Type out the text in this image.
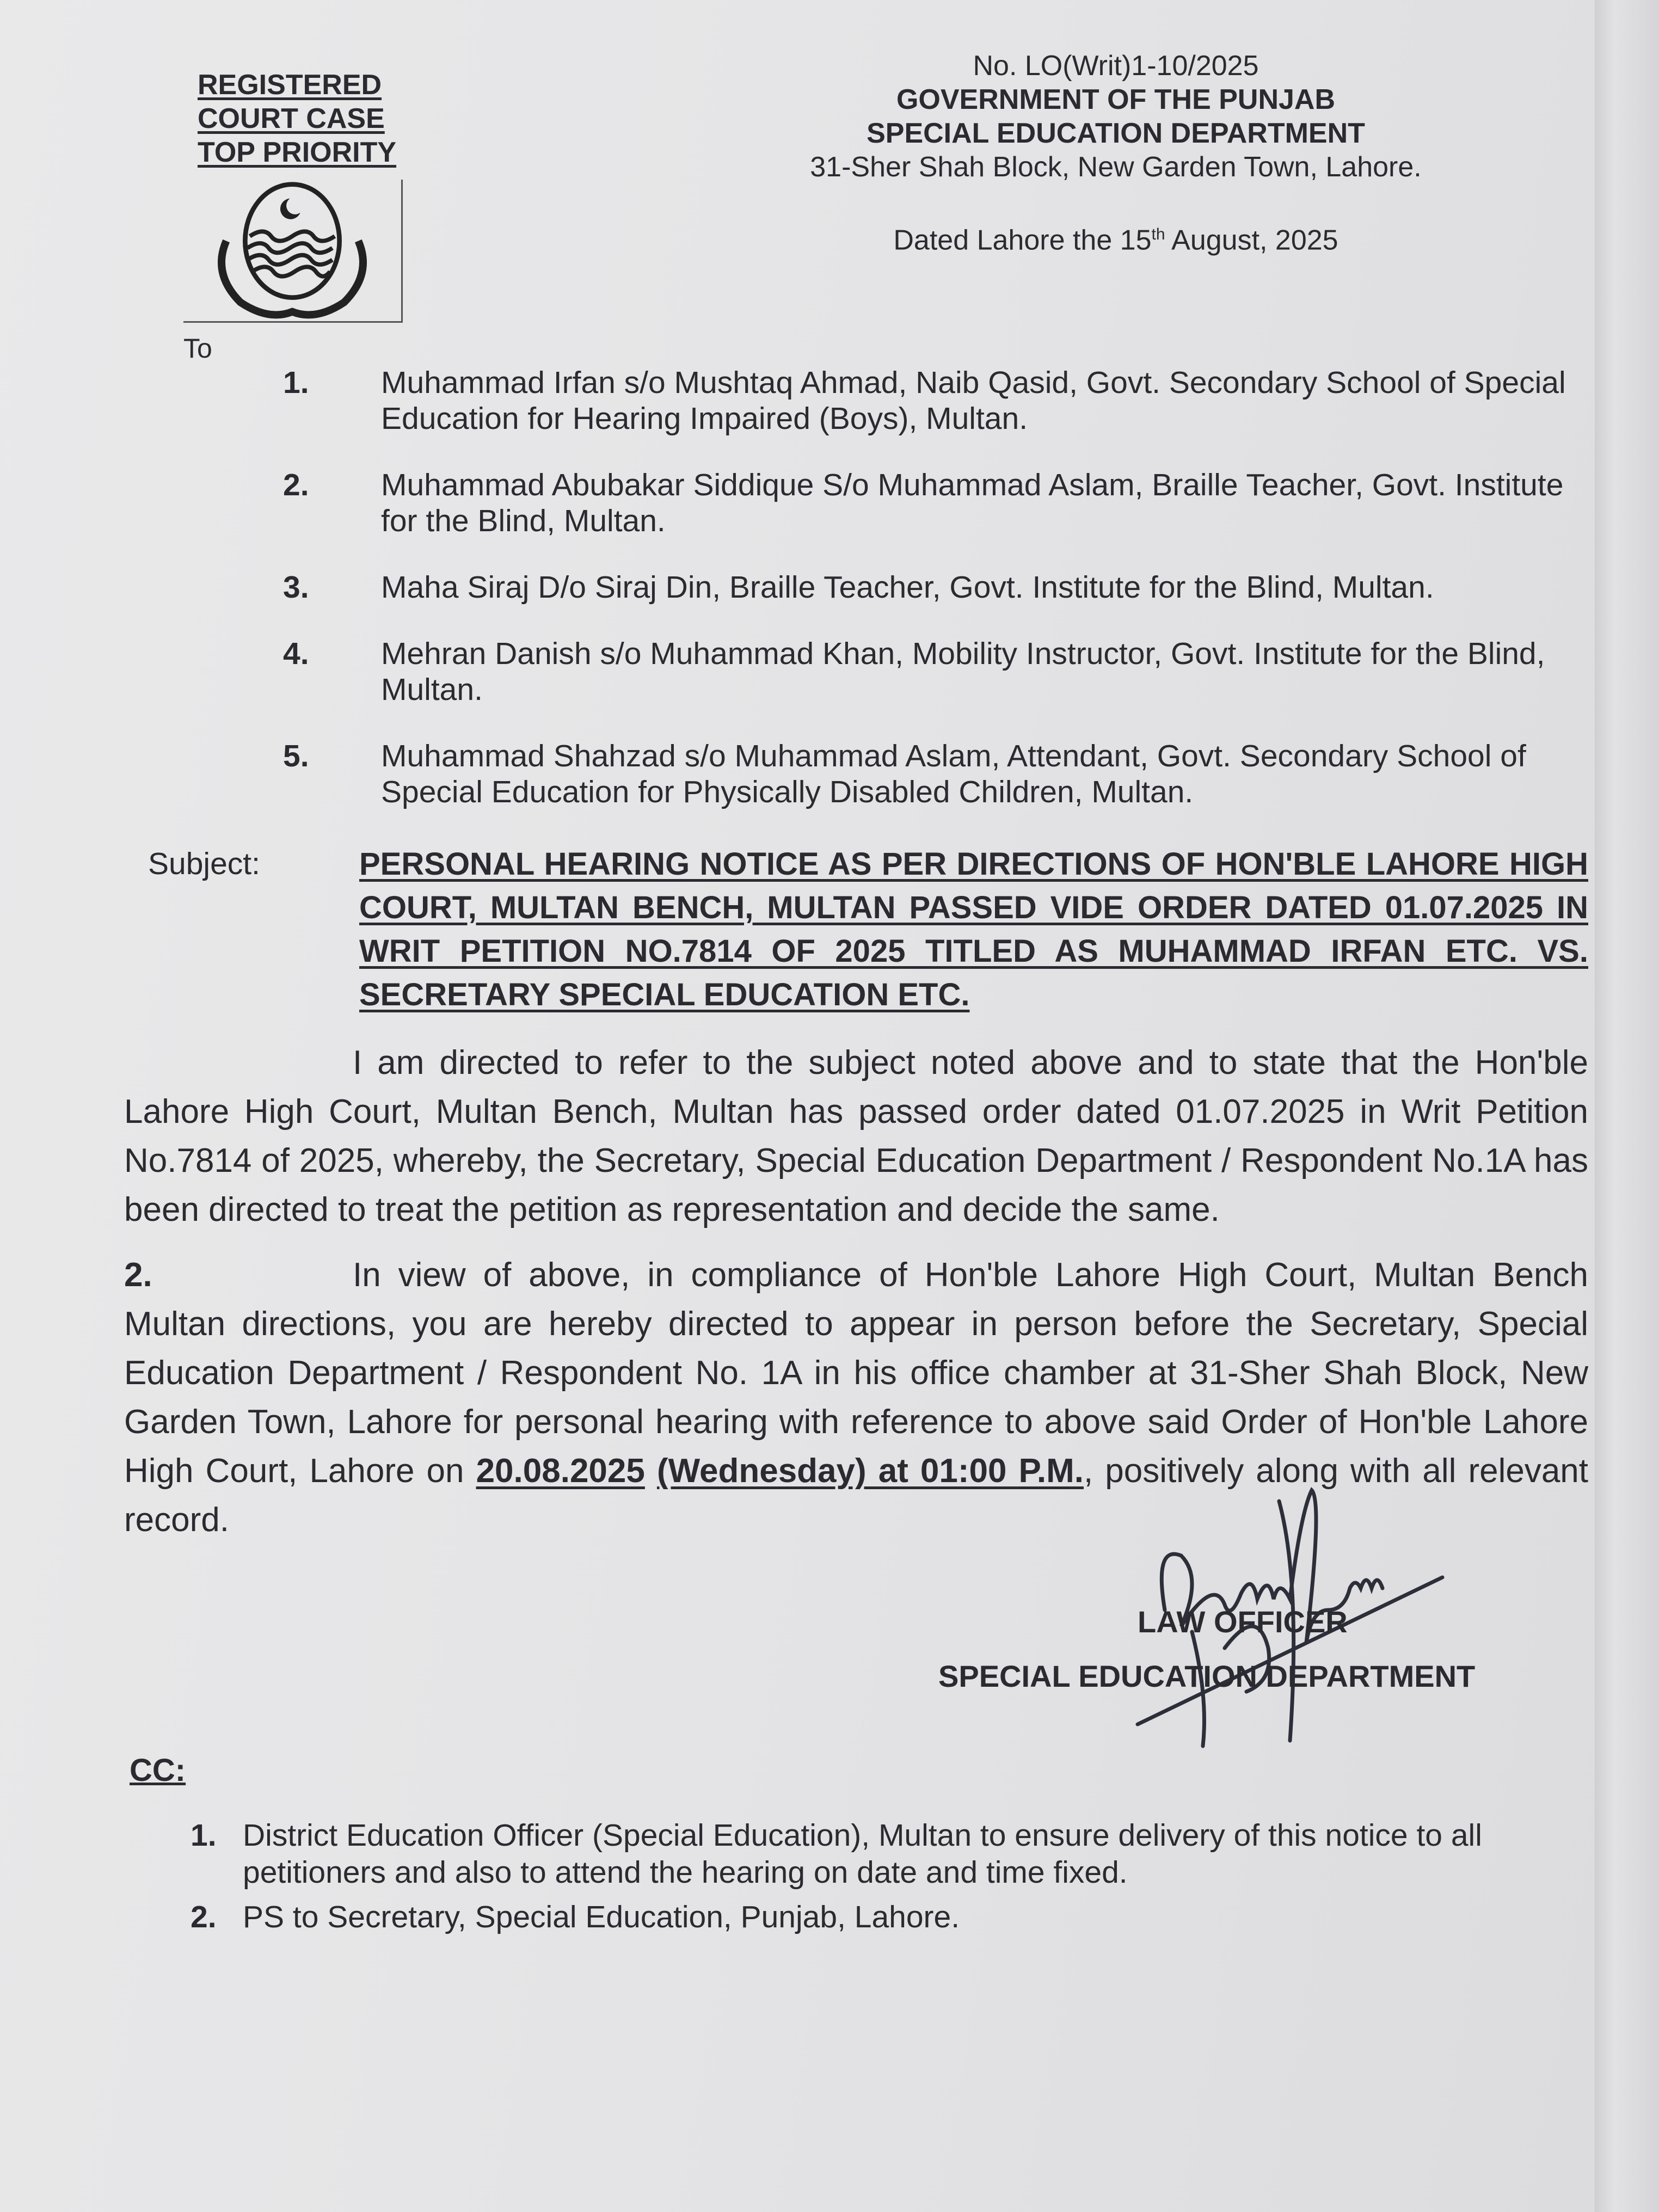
REGISTERED
COURT CASE
TOP PRIORITY
No. LO(Writ)1-10/2025
GOVERNMENT OF THE PUNJAB
SPECIAL EDUCATION DEPARTMENT
31-Sher Shah Block, New Garden Town, Lahore.
Dated Lahore the 15th August, 2025
To
1.	Muhammad Irfan s/o Mushtaq Ahmad, Naib Qasid, Govt. Secondary School of Special Education for Hearing Impaired (Boys), Multan.
2.	Muhammad Abubakar Siddique S/o Muhammad Aslam, Braille Teacher, Govt. Institute for the Blind, Multan.
3.	Maha Siraj D/o Siraj Din, Braille Teacher, Govt. Institute for the Blind, Multan.
4.	Mehran Danish s/o Muhammad Khan, Mobility Instructor, Govt. Institute for the Blind, Multan.
5.	Muhammad Shahzad s/o Muhammad Aslam, Attendant, Govt. Secondary School of Special Education for Physically Disabled Children, Multan.
Subject:	PERSONAL HEARING NOTICE AS PER DIRECTIONS OF HON'BLE LAHORE HIGH COURT, MULTAN BENCH, MULTAN PASSED VIDE ORDER DATED 01.07.2025 IN WRIT PETITION NO.7814 OF 2025 TITLED AS MUHAMMAD IRFAN ETC. VS. SECRETARY SPECIAL EDUCATION ETC.
I am directed to refer to the subject noted above and to state that the Hon'ble Lahore High Court, Multan Bench, Multan has passed order dated 01.07.2025 in Writ Petition No.7814 of 2025, whereby, the Secretary, Special Education Department / Respondent No.1A has been directed to treat the petition as representation and decide the same.
2.	In view of above, in compliance of Hon'ble Lahore High Court, Multan Bench Multan directions, you are hereby directed to appear in person before the Secretary, Special Education Department / Respondent No. 1A in his office chamber at 31-Sher Shah Block, New Garden Town, Lahore for personal hearing with reference to above said Order of Hon'ble Lahore High Court, Lahore on 20.08.2025 (Wednesday) at 01:00 P.M., positively along with all relevant record.
LAW OFFICER
SPECIAL EDUCATION DEPARTMENT
CC:
1. District Education Officer (Special Education), Multan to ensure delivery of this notice to all petitioners and also to attend the hearing on date and time fixed.
2. PS to Secretary, Special Education, Punjab, Lahore.
